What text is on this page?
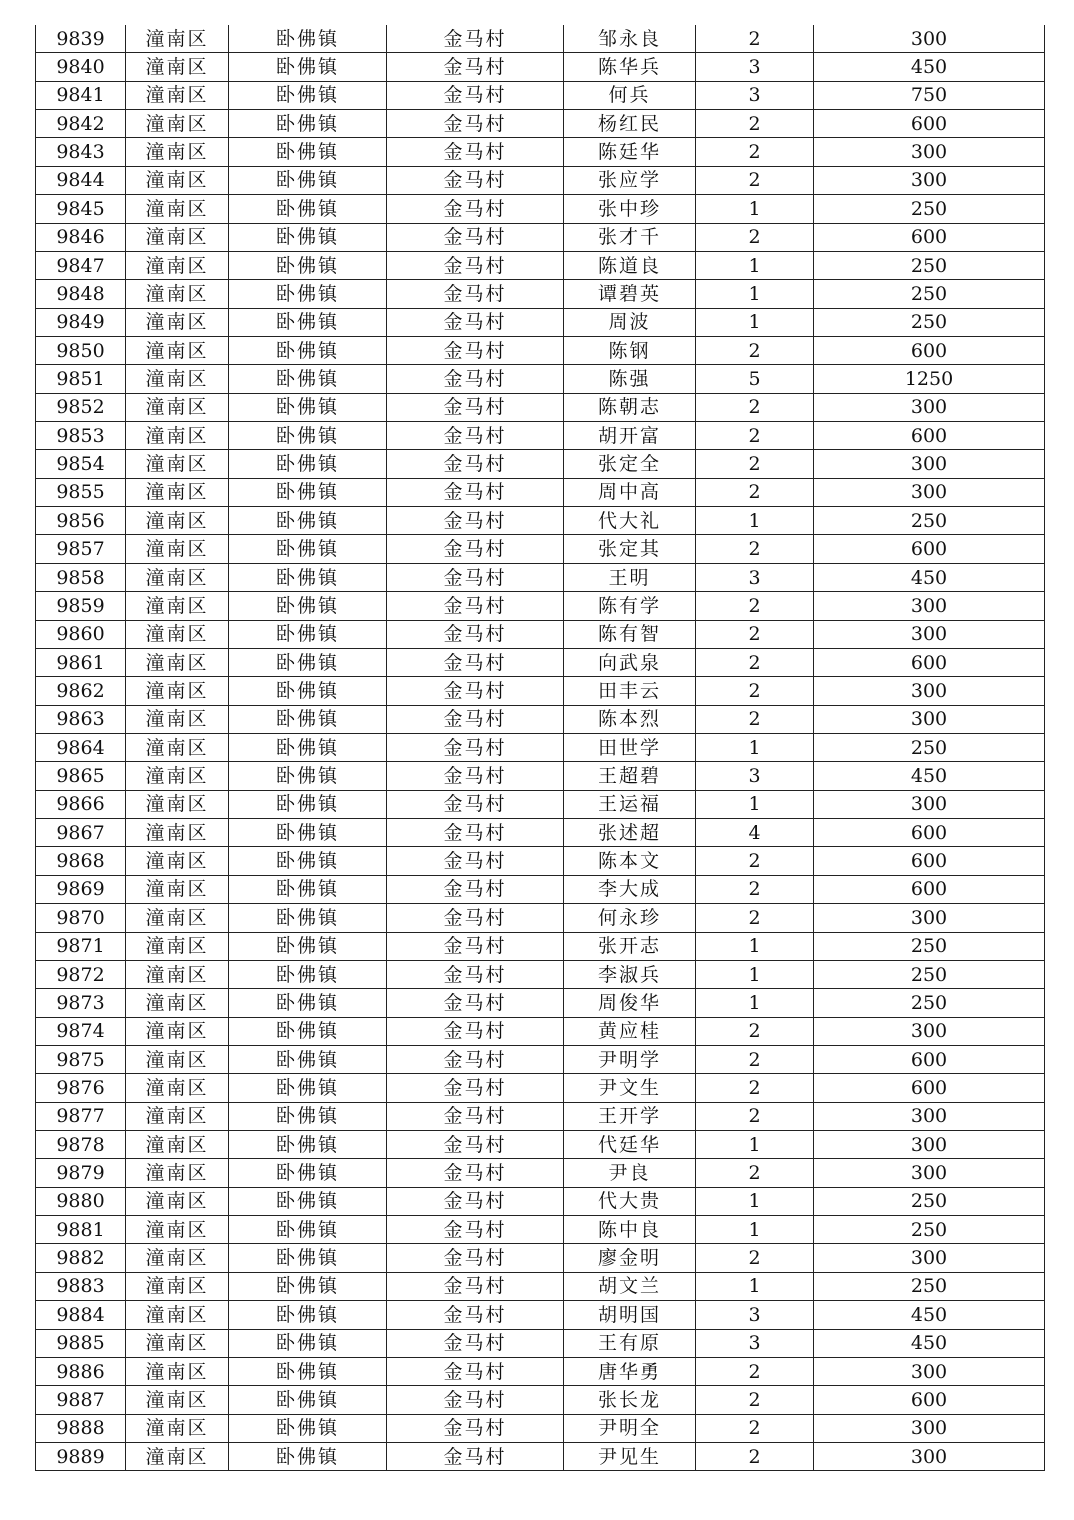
9839	潼南区	卧佛镇	金马村	邹永良	2	300
9840	潼南区	卧佛镇	金马村	陈华兵	3	450
9841	潼南区	卧佛镇	金马村	何兵	3	750
9842	潼南区	卧佛镇	金马村	杨红民	2	600
9843	潼南区	卧佛镇	金马村	陈廷华	2	300
9844	潼南区	卧佛镇	金马村	张应学	2	300
9845	潼南区	卧佛镇	金马村	张中珍	1	250
9846	潼南区	卧佛镇	金马村	张才千	2	600
9847	潼南区	卧佛镇	金马村	陈道良	1	250
9848	潼南区	卧佛镇	金马村	谭碧英	1	250
9849	潼南区	卧佛镇	金马村	周波	1	250
9850	潼南区	卧佛镇	金马村	陈钢	2	600
9851	潼南区	卧佛镇	金马村	陈强	5	1250
9852	潼南区	卧佛镇	金马村	陈朝志	2	300
9853	潼南区	卧佛镇	金马村	胡开富	2	600
9854	潼南区	卧佛镇	金马村	张定全	2	300
9855	潼南区	卧佛镇	金马村	周中高	2	300
9856	潼南区	卧佛镇	金马村	代大礼	1	250
9857	潼南区	卧佛镇	金马村	张定其	2	600
9858	潼南区	卧佛镇	金马村	王明	3	450
9859	潼南区	卧佛镇	金马村	陈有学	2	300
9860	潼南区	卧佛镇	金马村	陈有智	2	300
9861	潼南区	卧佛镇	金马村	向武泉	2	600
9862	潼南区	卧佛镇	金马村	田丰云	2	300
9863	潼南区	卧佛镇	金马村	陈本烈	2	300
9864	潼南区	卧佛镇	金马村	田世学	1	250
9865	潼南区	卧佛镇	金马村	王超碧	3	450
9866	潼南区	卧佛镇	金马村	王运福	1	300
9867	潼南区	卧佛镇	金马村	张述超	4	600
9868	潼南区	卧佛镇	金马村	陈本文	2	600
9869	潼南区	卧佛镇	金马村	李大成	2	600
9870	潼南区	卧佛镇	金马村	何永珍	2	300
9871	潼南区	卧佛镇	金马村	张开志	1	250
9872	潼南区	卧佛镇	金马村	李淑兵	1	250
9873	潼南区	卧佛镇	金马村	周俊华	1	250
9874	潼南区	卧佛镇	金马村	黄应桂	2	300
9875	潼南区	卧佛镇	金马村	尹明学	2	600
9876	潼南区	卧佛镇	金马村	尹文生	2	600
9877	潼南区	卧佛镇	金马村	王开学	2	300
9878	潼南区	卧佛镇	金马村	代廷华	1	300
9879	潼南区	卧佛镇	金马村	尹良	2	300
9880	潼南区	卧佛镇	金马村	代大贵	1	250
9881	潼南区	卧佛镇	金马村	陈中良	1	250
9882	潼南区	卧佛镇	金马村	廖金明	2	300
9883	潼南区	卧佛镇	金马村	胡文兰	1	250
9884	潼南区	卧佛镇	金马村	胡明国	3	450
9885	潼南区	卧佛镇	金马村	王有原	3	450
9886	潼南区	卧佛镇	金马村	唐华勇	2	300
9887	潼南区	卧佛镇	金马村	张长龙	2	600
9888	潼南区	卧佛镇	金马村	尹明全	2	300
9889	潼南区	卧佛镇	金马村	尹见生	2	300
